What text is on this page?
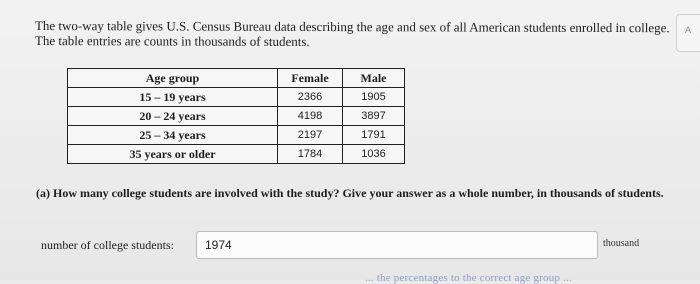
A

The two-way table gives U.S. Census Bureau data describing the age and sex of all American students enrolled in college. The table entries are counts in thousands of students.

Age group	Female	Male
15 – 19 years	2366	1905
20 – 24 years	4198	3897
25 – 34 years	2197	1791
35 years or older	1784	1036
(a) How many college students are involved with the study? Give your answer as a whole number, in thousands of students.
number of college students:
1974	thousand
... the percentages to the correct age group ...
